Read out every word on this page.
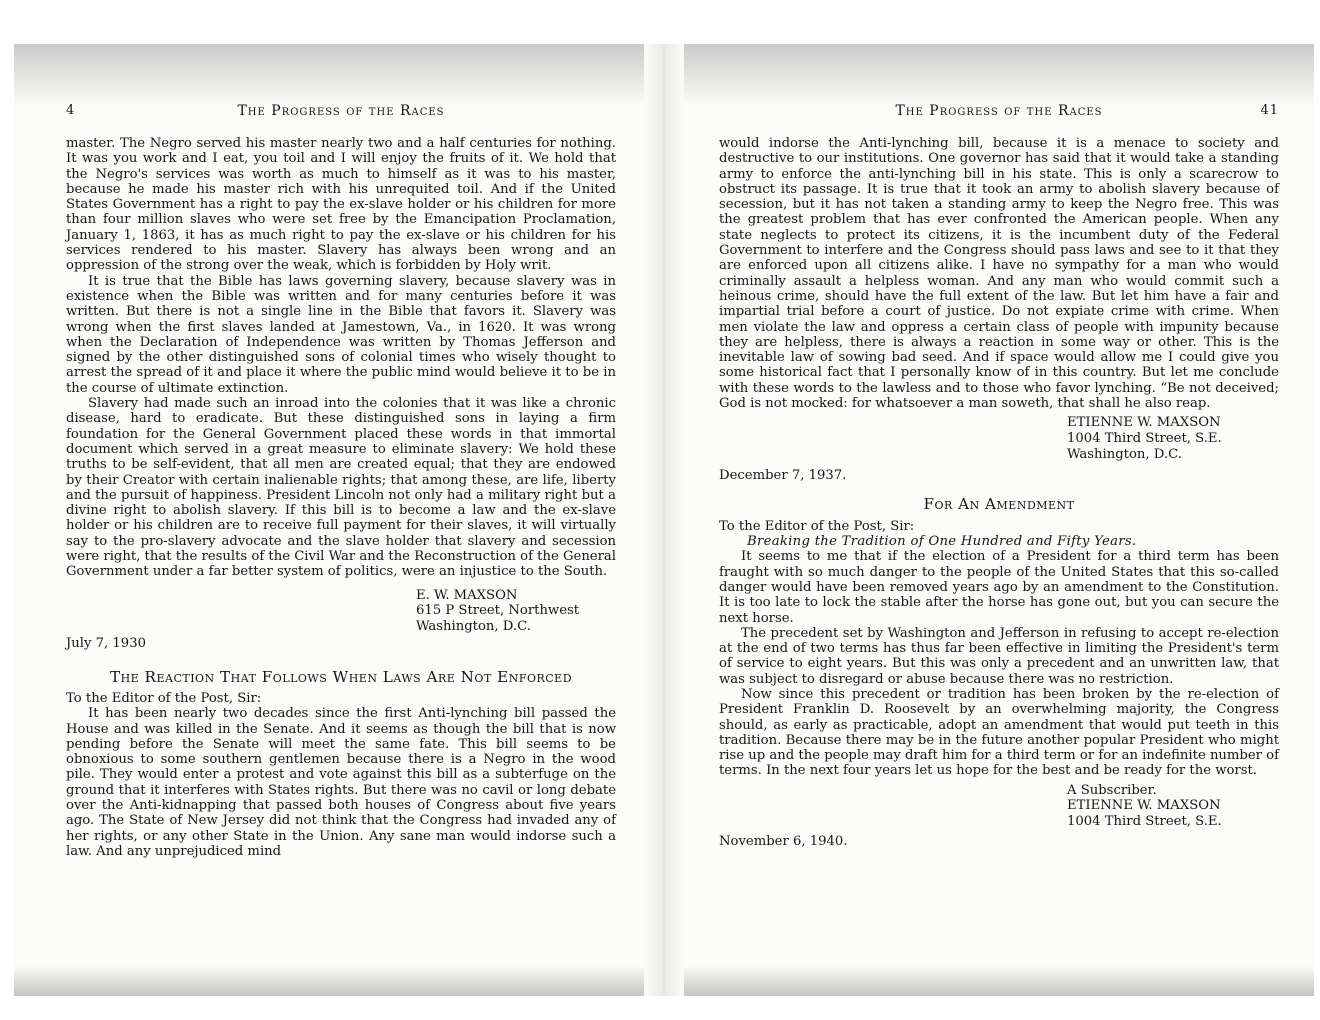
4	The Progress of the Races

master. The Negro served his master nearly two and a half centuries for nothing. It was you work and I eat, you toil and I will enjoy the fruits of it. We hold that the Negro's services was worth as much to himself as it was to his master, because he made his master rich with his unrequited toil. And if the United States Government has a right to pay the ex-slave holder or his children for more than four million slaves who were set free by the Emancipation Proclamation, January 1, 1863, it has as much right to pay the ex-slave or his children for his services rendered to his master. Slavery has always been wrong and an oppression of the strong over the weak, which is forbidden by Holy writ.

It is true that the Bible has laws governing slavery, because slavery was in existence when the Bible was written and for many centuries before it was written. But there is not a single line in the Bible that favors it. Slavery was wrong when the first slaves landed at Jamestown, Va., in 1620. It was wrong when the Declaration of Independence was written by Thomas Jefferson and signed by the other distinguished sons of colonial times who wisely thought to arrest the spread of it and place it where the public mind would believe it to be in the course of ultimate extinction.

Slavery had made such an inroad into the colonies that it was like a chronic disease, hard to eradicate. But these distinguished sons in laying a firm foundation for the General Government placed these words in that immortal document which served in a great measure to eliminate slavery: We hold these truths to be self-evident, that all men are created equal; that they are endowed by their Creator with certain inalienable rights; that among these, are life, liberty and the pursuit of happiness. President Lincoln not only had a military right but a divine right to abolish slavery. If this bill is to become a law and the ex-slave holder or his children are to receive full payment for their slaves, it will virtually say to the pro-slavery advocate and the slave holder that slavery and secession were right, that the results of the Civil War and the Reconstruction of the General Government under a far better system of politics, were an injustice to the South.

E. W. MAXSON
615 P Street, Northwest
Washington, D.C.

July 7, 1930

The Reaction That Follows When Laws Are Not Enforced

To the Editor of the Post, Sir:

It has been nearly two decades since the first Anti-lynching bill passed the House and was killed in the Senate. And it seems as though the bill that is now pending before the Senate will meet the same fate. This bill seems to be obnoxious to some southern gentlemen because there is a Negro in the wood pile. They would enter a protest and vote against this bill as a subterfuge on the ground that it interferes with States rights. But there was no cavil or long debate over the Anti-kidnapping that passed both houses of Congress about five years ago. The State of New Jersey did not think that the Congress had invaded any of her rights, or any other State in the Union. Any sane man would indorse such a law. And any unprejudiced mind

The Progress of the Races	41

would indorse the Anti-lynching bill, because it is a menace to society and destructive to our institutions. One governor has said that it would take a standing army to enforce the anti-lynching bill in his state. This is only a scarecrow to obstruct its passage. It is true that it took an army to abolish slavery because of secession, but it has not taken a standing army to keep the Negro free. This was the greatest problem that has ever confronted the American people. When any state neglects to protect its citizens, it is the incumbent duty of the Federal Government to interfere and the Congress should pass laws and see to it that they are enforced upon all citizens alike. I have no sympathy for a man who would criminally assault a helpless woman. And any man who would commit such a heinous crime, should have the full extent of the law. But let him have a fair and impartial trial before a court of justice. Do not expiate crime with crime. When men violate the law and oppress a certain class of people with impunity because they are helpless, there is always a reaction in some way or other. This is the inevitable law of sowing bad seed. And if space would allow me I could give you some historical fact that I personally know of in this country. But let me conclude with these words to the lawless and to those who favor lynching. “Be not deceived; God is not mocked: for whatsoever a man soweth, that shall he also reap.

ETIENNE W. MAXSON
1004 Third Street, S.E.
Washington, D.C.

December 7, 1937.

For An Amendment

To the Editor of the Post, Sir:

Breaking the Tradition of One Hundred and Fifty Years.

It seems to me that if the election of a President for a third term has been fraught with so much danger to the people of the United States that this so-called danger would have been removed years ago by an amendment to the Constitution. It is too late to lock the stable after the horse has gone out, but you can secure the next horse.

The precedent set by Washington and Jefferson in refusing to accept re-election at the end of two terms has thus far been effective in limiting the President's term of service to eight years. But this was only a precedent and an unwritten law, that was subject to disregard or abuse because there was no restriction.

Now since this precedent or tradition has been broken by the re-election of President Franklin D. Roosevelt by an overwhelming majority, the Congress should, as early as practicable, adopt an amendment that would put teeth in this tradition. Because there may be in the future another popular President who might rise up and the people may draft him for a third term or for an indefinite number of terms. In the next four years let us hope for the best and be ready for the worst.

A Subscriber.
ETIENNE W. MAXSON
1004 Third Street, S.E.

November 6, 1940.
